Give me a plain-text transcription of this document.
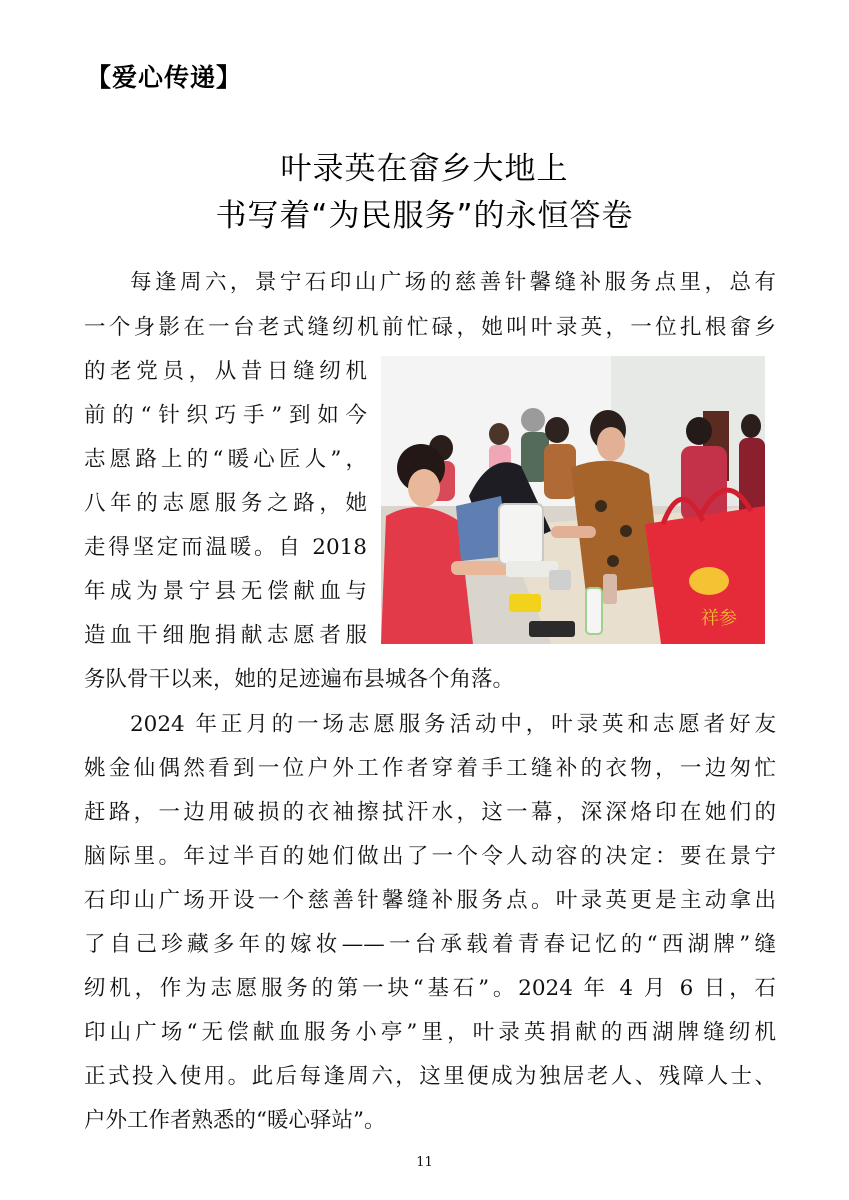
【爱心传递】
叶录英在畲乡大地上
书写着“为民服务”的永恒答卷
每逢周六，景宁石印山广场的慈善针馨缝补服务点里，总有
一个身影在一台老式缝纫机前忙碌，她叫叶录英，一位扎根畲乡
的老党员，从昔日缝纫机
前的“针织巧手”到如今
志愿路上的“暖心匠人”，
八年的志愿服务之路，她
走得坚定而温暖。自 2018
年成为景宁县无偿献血与
造血干细胞捐献志愿者服
务队骨干以来，她的足迹遍布县城各个角落。
祥参
2024 年正月的一场志愿服务活动中，叶录英和志愿者好友
姚金仙偶然看到一位户外工作者穿着手工缝补的衣物，一边匆忙
赶路，一边用破损的衣袖擦拭汗水，这一幕，深深烙印在她们的
脑际里。年过半百的她们做出了一个令人动容的决定：要在景宁
石印山广场开设一个慈善针馨缝补服务点。叶录英更是主动拿出
了自己珍藏多年的嫁妆——一台承载着青春记忆的“西湖牌”缝
纫机，作为志愿服务的第一块“基石”。2024 年 4 月 6 日，石
印山广场“无偿献血服务小亭”里，叶录英捐献的西湖牌缝纫机
正式投入使用。此后每逢周六，这里便成为独居老人、残障人士、
户外工作者熟悉的“暖心驿站”。
11
